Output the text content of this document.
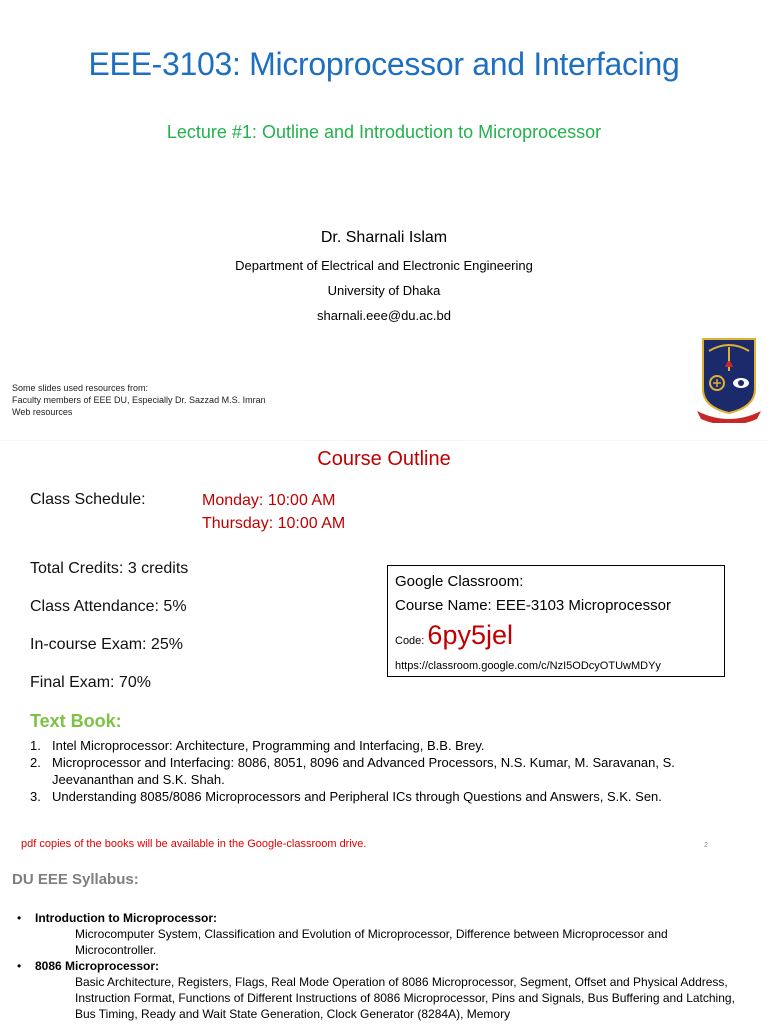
EEE-3103: Microprocessor and Interfacing
Lecture #1: Outline and Introduction to Microprocessor
Dr. Sharnali Islam
Department of Electrical and Electronic Engineering
University of Dhaka
sharnali.eee@du.ac.bd
Some slides used resources from:
Faculty members of EEE DU, Especially Dr. Sazzad M.S. Imran
Web resources
Course Outline
Class Schedule:	Monday: 10:00 AM
Thursday: 10:00 AM
Total Credits: 3 credits
Class Attendance: 5%
In-course Exam: 25%
Final Exam: 70%
Google Classroom:
Course Name: EEE-3103 Microprocessor
Code: 6py5jel
https://classroom.google.com/c/NzI5ODcyOTUwMDYy
Text Book:
1. Intel Microprocessor: Architecture, Programming and Interfacing, B.B. Brey.
2. Microprocessor and Interfacing: 8086, 8051, 8096 and Advanced Processors, N.S. Kumar, M. Saravanan, S. Jeevananthan and S.K. Shah.
3. Understanding 8085/8086 Microprocessors and Peripheral ICs through Questions and Answers, S.K. Sen.
pdf copies of the books will be available in the Google-classroom drive.	2
DU EEE Syllabus:
• Introduction to Microprocessor:
Microcomputer System, Classification and Evolution of Microprocessor, Difference between Microprocessor and Microcontroller.
• 8086 Microprocessor:
Basic Architecture, Registers, Flags, Real Mode Operation of 8086 Microprocessor, Segment, Offset and Physical Address, Instruction Format, Functions of Different Instructions of 8086 Microprocessor, Pins and Signals, Bus Buffering and Latching, Bus Timing, Ready and Wait State Generation, Clock Generator (8284A), Memory
